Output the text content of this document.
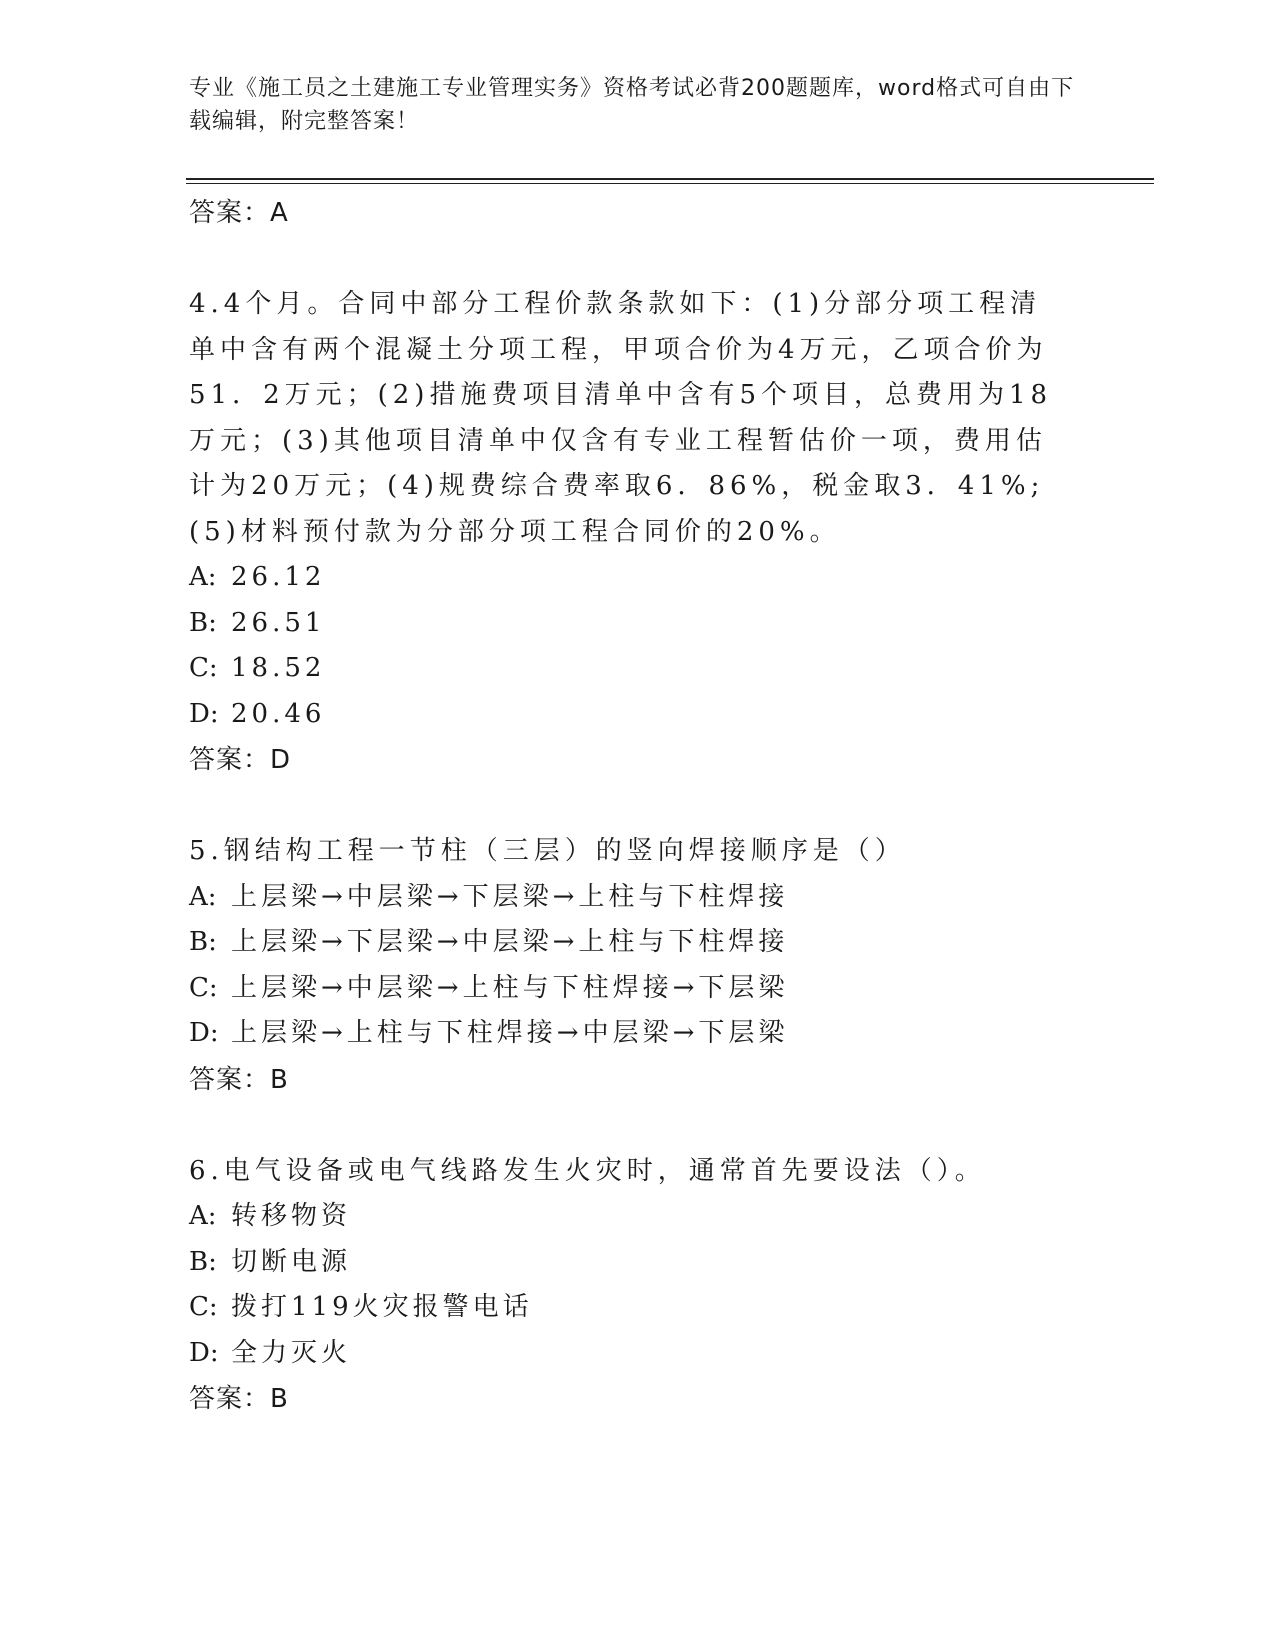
专业《施工员之土建施工专业管理实务》资格考试必背200题题库，word格式可自由下载编辑，附完整答案！
答案：A
4.4个月。合同中部分工程价款条款如下：(1)分部分项工程清单中含有两个混凝土分项工程，甲项合价为4万元，乙项合价为51．2万元；(2)措施费项目清单中含有5个项目，总费用为18万元；(3)其他项目清单中仅含有专业工程暂估价一项，费用估计为20万元；(4)规费综合费率取6．86%，税金取3．41%;(5)材料预付款为分部分项工程合同价的20%。
A: 26.12
B: 26.51
C: 18.52
D: 20.46
答案：D
5.钢结构工程一节柱（三层）的竖向焊接顺序是（）
A: 上层梁→中层梁→下层梁→上柱与下柱焊接
B: 上层梁→下层梁→中层梁→上柱与下柱焊接
C: 上层梁→中层梁→上柱与下柱焊接→下层梁
D: 上层梁→上柱与下柱焊接→中层梁→下层梁
答案：B
6.电气设备或电气线路发生火灾时，通常首先要设法（）。
A: 转移物资
B: 切断电源
C: 拨打119火灾报警电话
D: 全力灭火
答案：B
